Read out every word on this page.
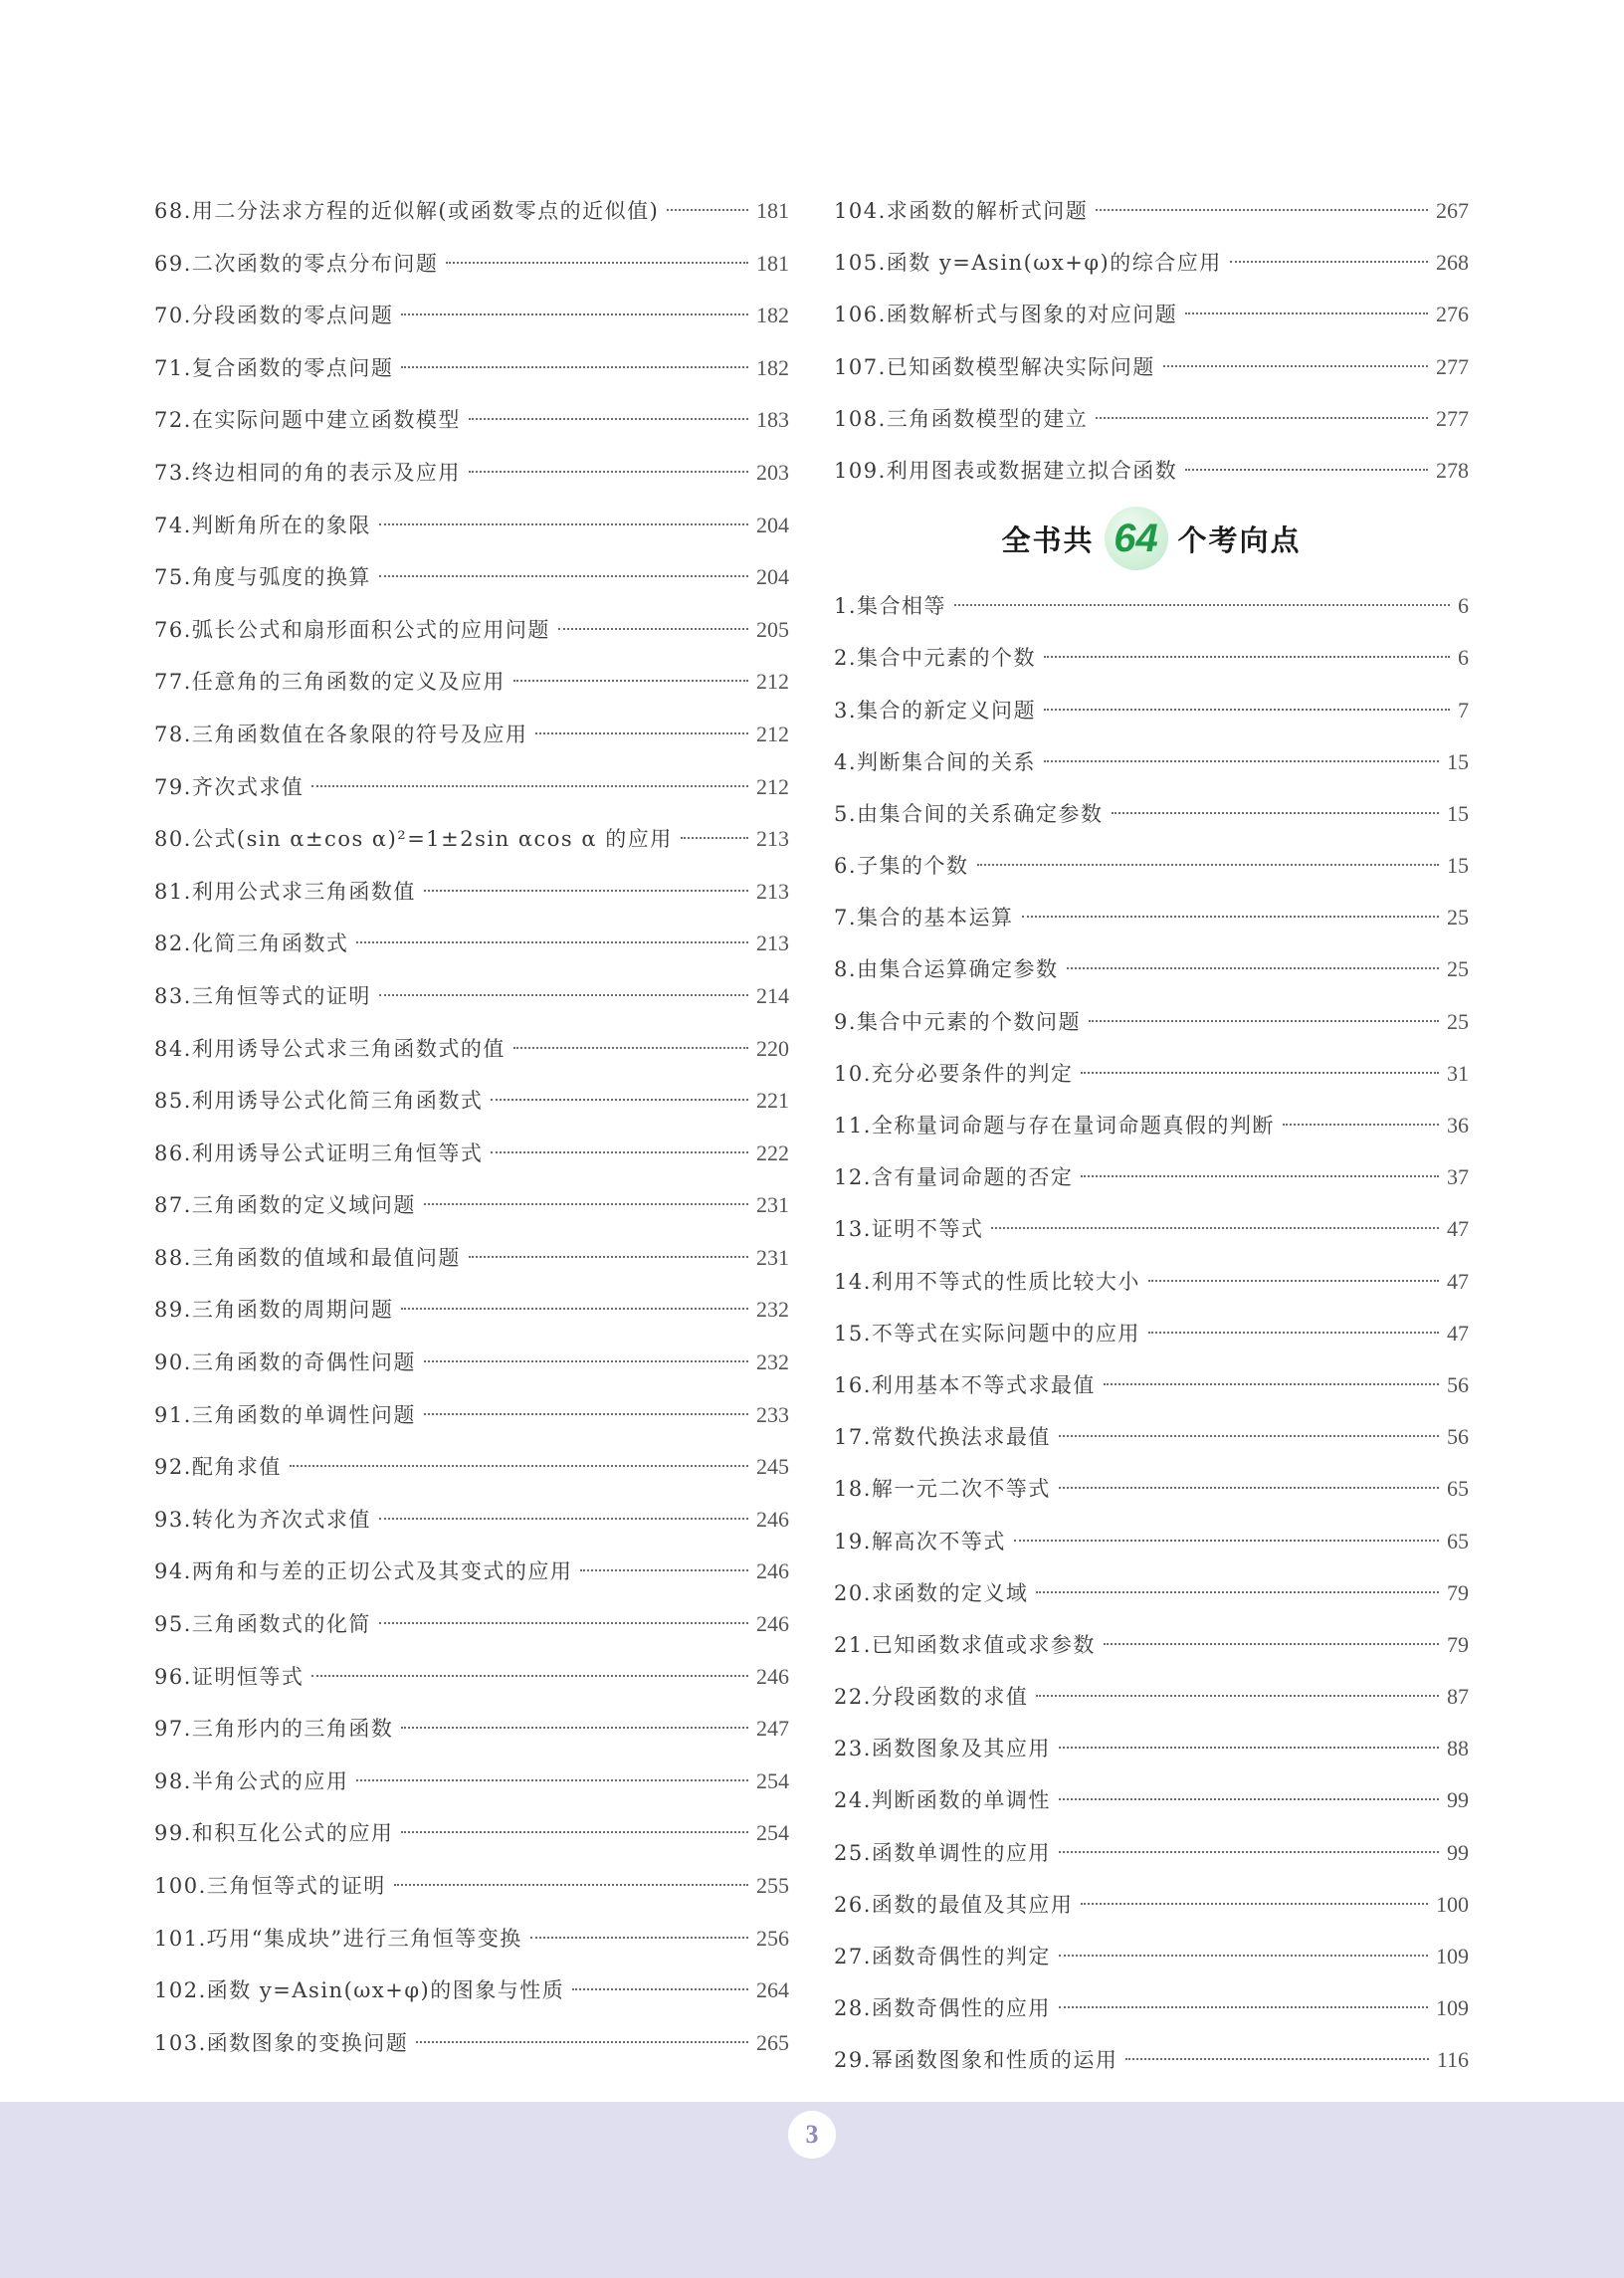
68.用二分法求方程的近似解(或函数零点的近似值)	181
69.二次函数的零点分布问题	181
70.分段函数的零点问题	182
71.复合函数的零点问题	182
72.在实际问题中建立函数模型	183
73.终边相同的角的表示及应用	203
74.判断角所在的象限	204
75.角度与弧度的换算	204
76.弧长公式和扇形面积公式的应用问题	205
77.任意角的三角函数的定义及应用	212
78.三角函数值在各象限的符号及应用	212
79.齐次式求值	212
80.公式(sin α±cos α)²=1±2sin αcos α 的应用	213
81.利用公式求三角函数值	213
82.化简三角函数式	213
83.三角恒等式的证明	214
84.利用诱导公式求三角函数式的值	220
85.利用诱导公式化简三角函数式	221
86.利用诱导公式证明三角恒等式	222
87.三角函数的定义域问题	231
88.三角函数的值域和最值问题	231
89.三角函数的周期问题	232
90.三角函数的奇偶性问题	232
91.三角函数的单调性问题	233
92.配角求值	245
93.转化为齐次式求值	246
94.两角和与差的正切公式及其变式的应用	246
95.三角函数式的化简	246
96.证明恒等式	246
97.三角形内的三角函数	247
98.半角公式的应用	254
99.和积互化公式的应用	254
100.三角恒等式的证明	255
101.巧用“集成块”进行三角恒等变换	256
102.函数 y=Asin(ωx+φ)的图象与性质	264
103.函数图象的变换问题	265
104.求函数的解析式问题	267
105.函数 y=Asin(ωx+φ)的综合应用	268
106.函数解析式与图象的对应问题	276
107.已知函数模型解决实际问题	277
108.三角函数模型的建立	277
109.利用图表或数据建立拟合函数	278
全书共 64 个考向点
1.集合相等	6
2.集合中元素的个数	6
3.集合的新定义问题	7
4.判断集合间的关系	15
5.由集合间的关系确定参数	15
6.子集的个数	15
7.集合的基本运算	25
8.由集合运算确定参数	25
9.集合中元素的个数问题	25
10.充分必要条件的判定	31
11.全称量词命题与存在量词命题真假的判断	36
12.含有量词命题的否定	37
13.证明不等式	47
14.利用不等式的性质比较大小	47
15.不等式在实际问题中的应用	47
16.利用基本不等式求最值	56
17.常数代换法求最值	56
18.解一元二次不等式	65
19.解高次不等式	65
20.求函数的定义域	79
21.已知函数求值或求参数	79
22.分段函数的求值	87
23.函数图象及其应用	88
24.判断函数的单调性	99
25.函数单调性的应用	99
26.函数的最值及其应用	100
27.函数奇偶性的判定	109
28.函数奇偶性的应用	109
29.幂函数图象和性质的运用	116
3
